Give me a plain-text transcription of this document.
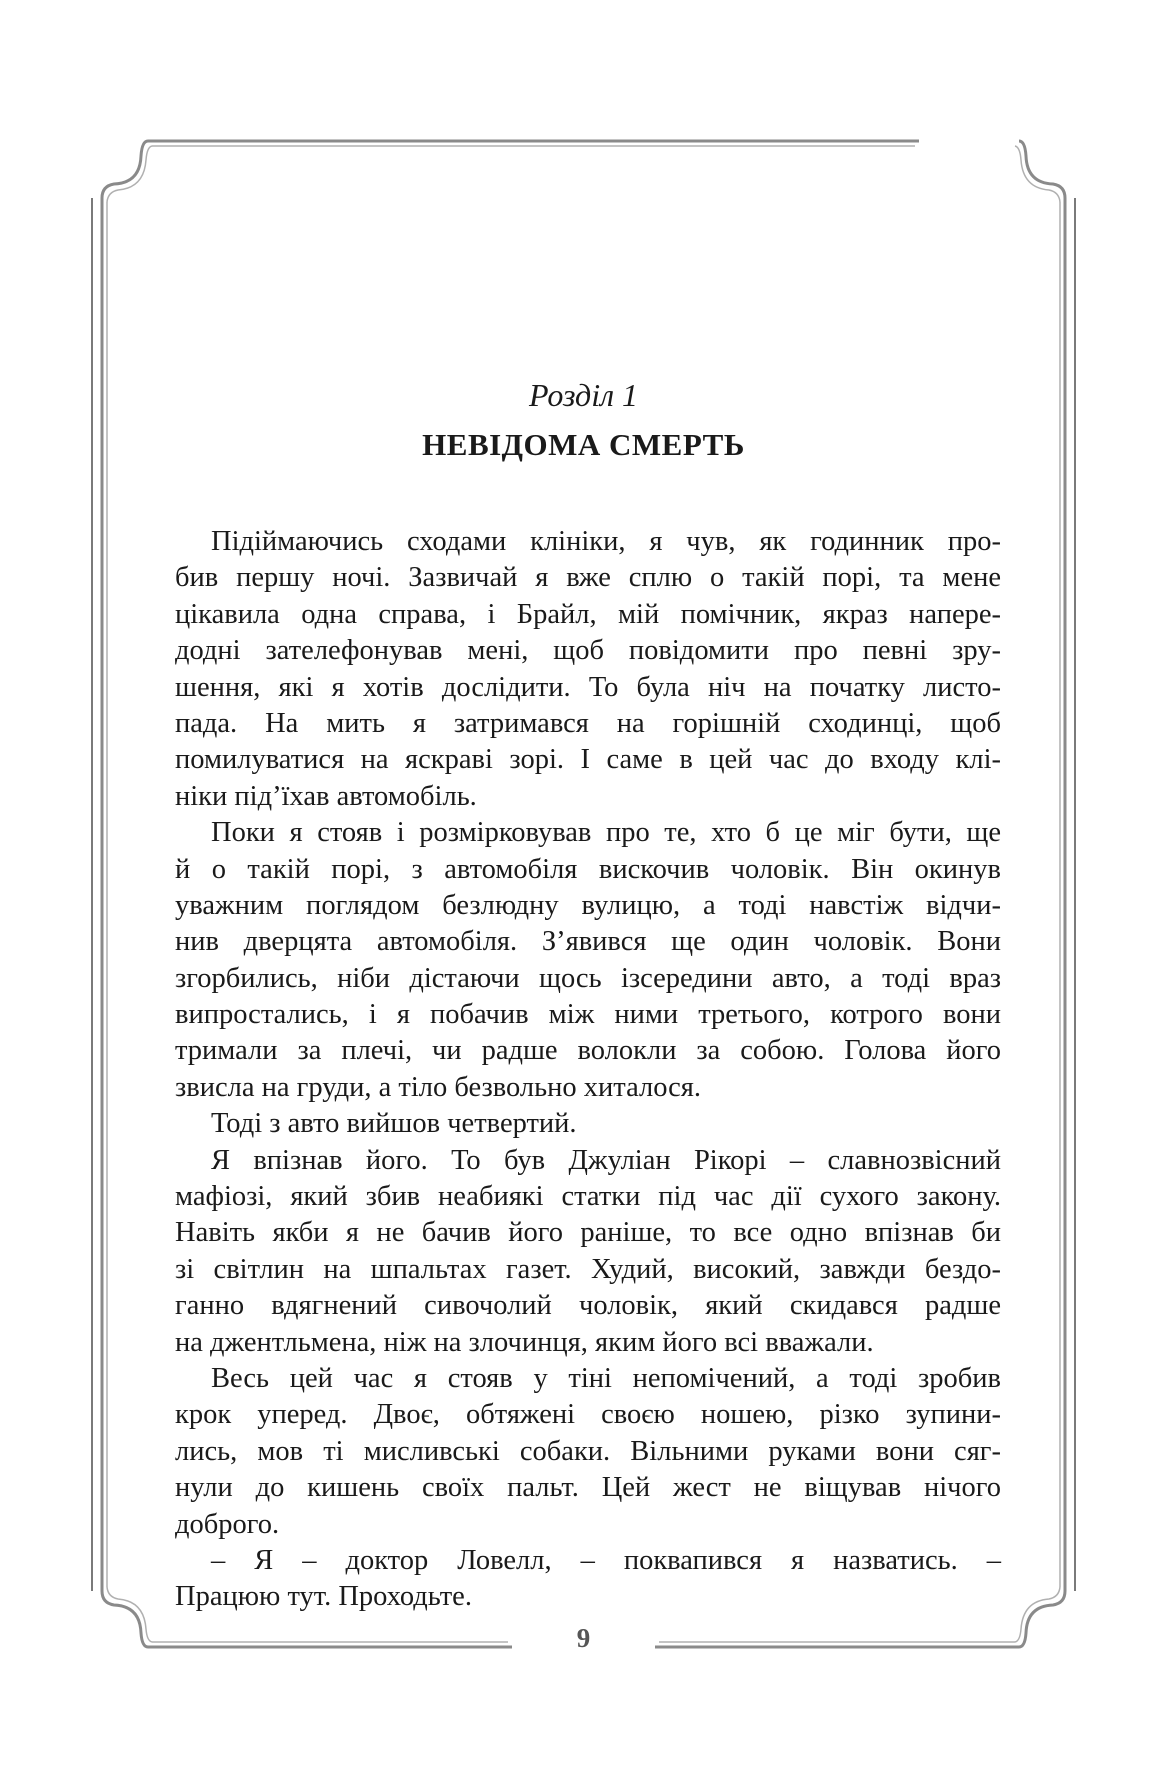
Розділ 1
НЕВІДОМА СМЕРТЬ
Підіймаючись сходами клініки, я чув, як годинник про-
бив першу ночі. Зазвичай я вже сплю о такій порі, та мене
цікавила одна справа, і Брайл, мій помічник, якраз напере-
додні зателефонував мені, щоб повідомити про певні зру-
шення, які я хотів дослідити. То була ніч на початку листо-
пада. На мить я затримався на горішній сходинці, щоб
помилуватися на яскраві зорі. І саме в цей час до входу клі-
ніки під’їхав автомобіль.
Поки я стояв і розмірковував про те, хто б це міг бути, ще
й о такій порі, з автомобіля вискочив чоловік. Він окинув
уважним поглядом безлюдну вулицю, а тоді навстіж відчи-
нив дверцята автомобіля. З’явився ще один чоловік. Вони
згорбились, ніби дістаючи щось ізсередини авто, а тоді враз
випростались, і я побачив між ними третього, котрого вони
тримали за плечі, чи радше волокли за собою. Голова його
звисла на груди, а тіло безвольно хиталося.
Тоді з авто вийшов четвертий.
Я впізнав його. То був Джуліан Рікорі – славнозвісний
мафіозі, який збив неабиякі статки під час дії сухого закону.
Навіть якби я не бачив його раніше, то все одно впізнав би
зі світлин на шпальтах газет. Худий, високий, завжди бездо-
ганно вдягнений сивочолий чоловік, який скидався радше
на джентльмена, ніж на злочинця, яким його всі вважали.
Весь цей час я стояв у тіні непомічений, а тоді зробив
крок уперед. Двоє, обтяжені своєю ношею, різко зупини-
лись, мов ті мисливські собаки. Вільними руками вони сяг-
нули до кишень своїх пальт. Цей жест не віщував нічого
доброго.
– Я – доктор Ловелл, – поквапився я назватись. –
Працюю тут. Проходьте.
9
